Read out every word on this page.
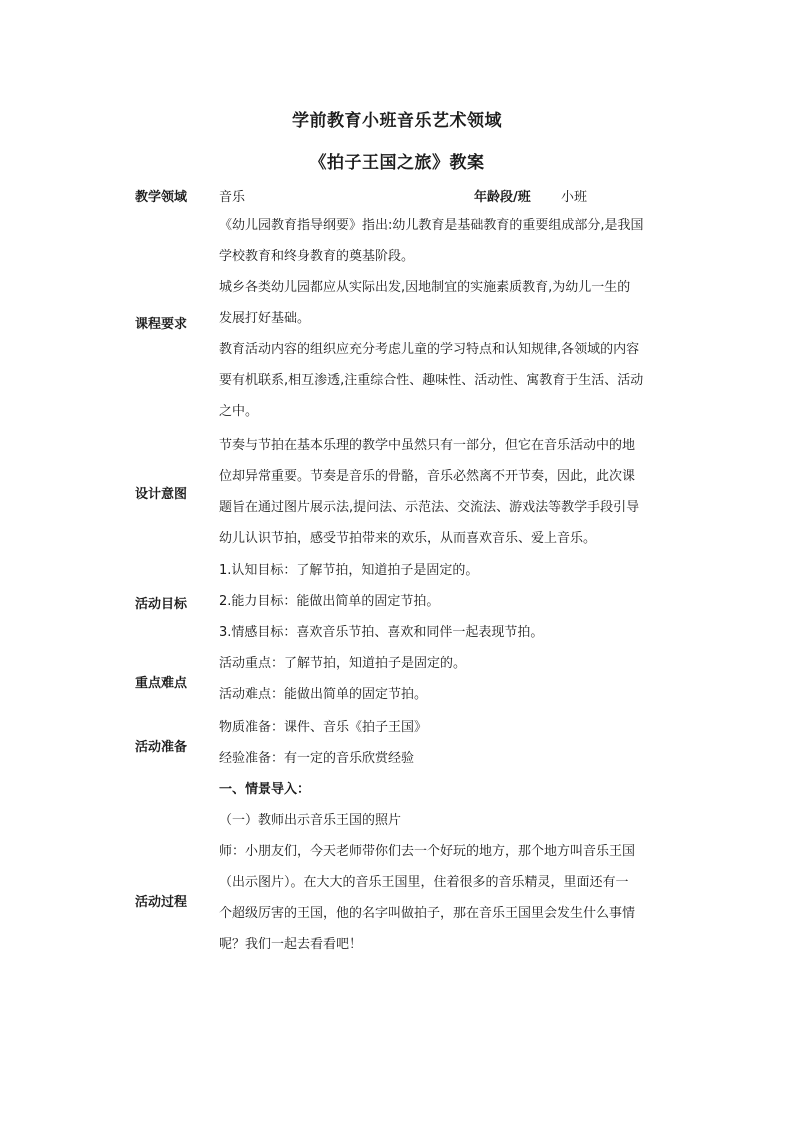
学前教育小班音乐艺术领域
《拍子王国之旅》教案
教学领域 音乐	年龄段/班 小班
课程要求

《幼儿园教育指导纲要》指出:幼儿教育是基础教育的重要组成部分,是我国

学校教育和终身教育的奠基阶段。

城乡各类幼儿园都应从实际出发,因地制宜的实施素质教育,为幼儿一生的

发展打好基础。

教育活动内容的组织应充分考虑儿童的学习特点和认知规律,各领域的内容

要有机联系,相互渗透,注重综合性、趣味性、活动性、寓教育于生活、活动

之中。

设计意图

节奏与节拍在基本乐理的教学中虽然只有一部分，但它在音乐活动中的地

位却异常重要。节奏是音乐的骨骼，音乐必然离不开节奏，因此，此次课

题旨在通过图片展示法,提问法、示范法、交流法、游戏法等教学手段引导

幼儿认识节拍，感受节拍带来的欢乐，从而喜欢音乐、爱上音乐。

活动目标

1.认知目标：了解节拍，知道拍子是固定的。

2.能力目标：能做出简单的固定节拍。

3.情感目标：喜欢音乐节拍、喜欢和同伴一起表现节拍。

重点难点

活动重点：了解节拍，知道拍子是固定的。

活动难点：能做出简单的固定节拍。

活动准备

物质准备：课件、音乐《拍子王国》

经验准备：有一定的音乐欣赏经验

活动过程

一、情景导入：

（一）教师出示音乐王国的照片

师：小朋友们，今天老师带你们去一个好玩的地方，那个地方叫音乐王国

（出示图片）。在大大的音乐王国里，住着很多的音乐精灵，里面还有一

个超级厉害的王国，他的名字叫做拍子，那在音乐王国里会发生什么事情

呢？我们一起去看看吧！
